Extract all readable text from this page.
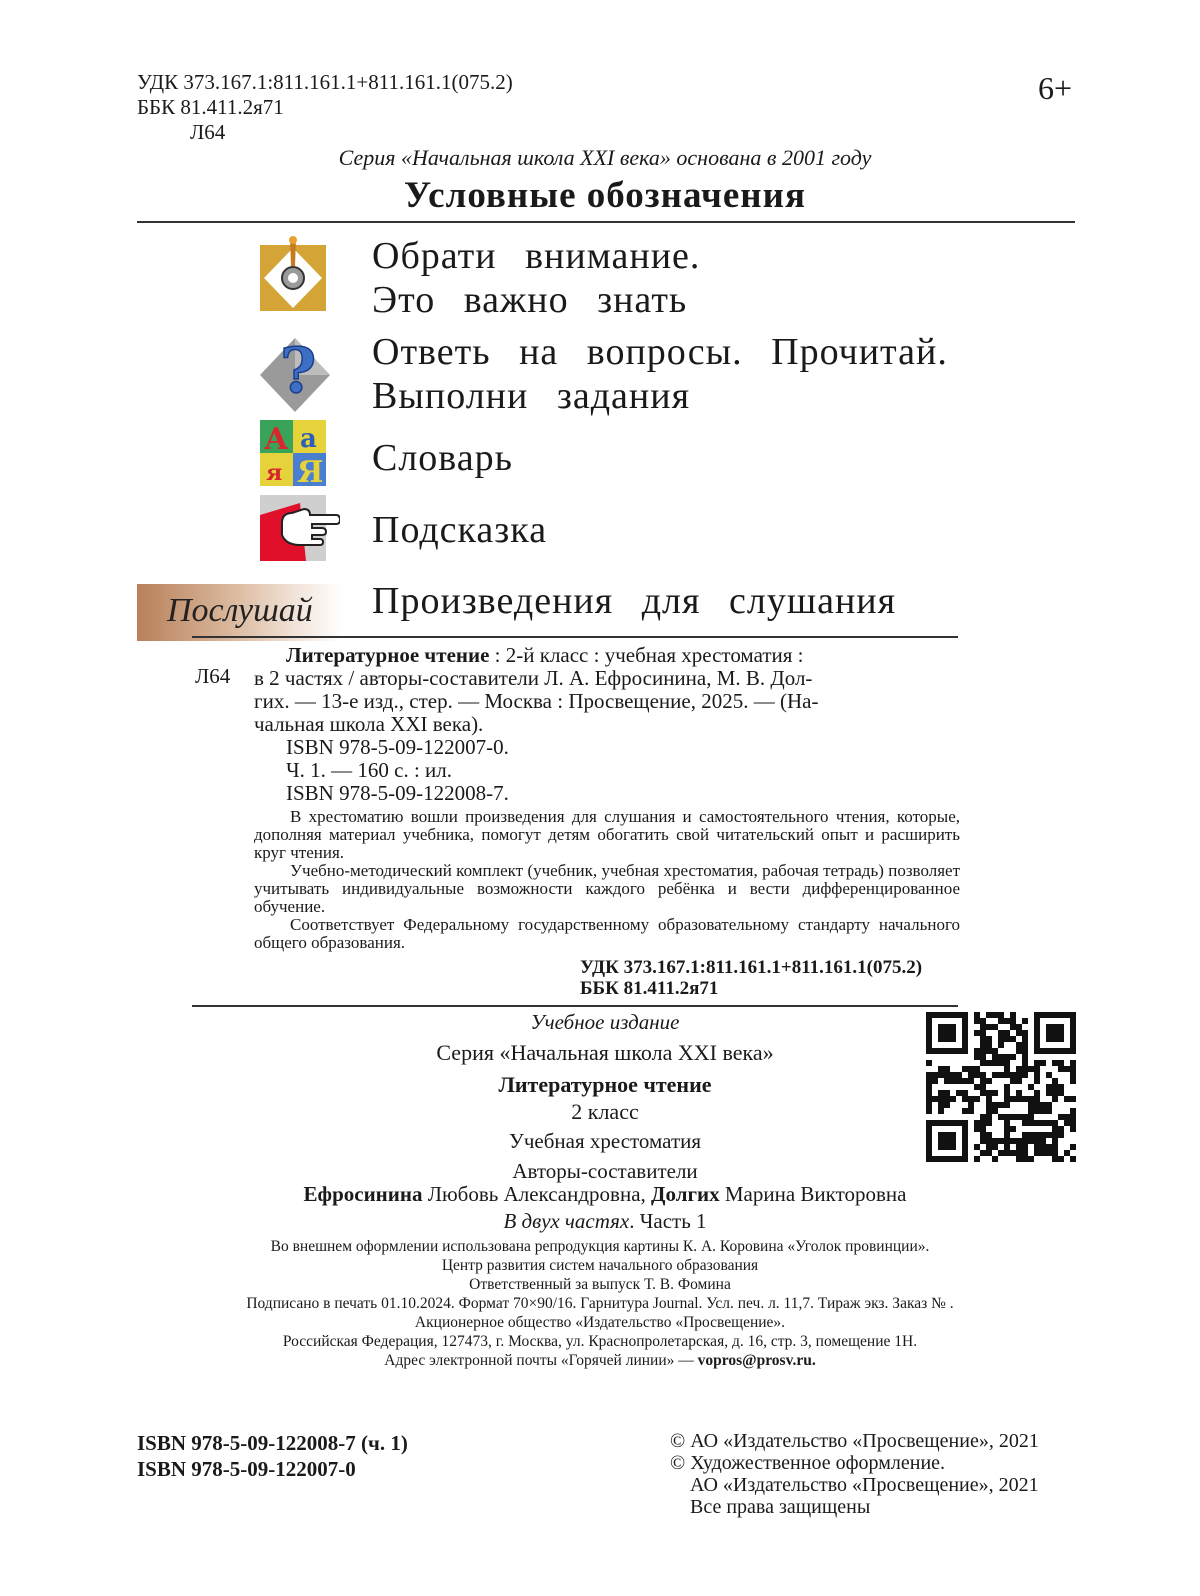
УДК 373.167.1:811.161.1+811.161.1(075.2)
ББК 81.411.2я71
Л64
6+
Серия «Начальная школа XXI века» основана в 2001 году
Условные обозначения
?
А а
я Я
Послушай
Обрати внимание.
Это важно знать
Ответь на вопросы. Прочитай.
Выполни задания
Словарь
Подсказка
Произведения для слушания
Л64

Литературное чтение : 2-й класс : учебная хрестоматия :

в 2 частях / авторы-составители Л. А. Ефросинина, М. В. Дол-

гих. — 13-е изд., стер. — Москва : Просвещение, 2025. — (На-

чальная школа XXI века).

ISBN 978-5-09-122007-0.

Ч. 1. — 160 с. : ил.

ISBN 978-5-09-122008-7.

В хрестоматию вошли произведения для слушания и самостоятельного чтения, которые, дополняя материал учебника, помогут детям обогатить свой читательский опыт и расширить круг чтения.

Учебно-методический комплект (учебник, учебная хрестоматия, рабочая тетрадь) позволяет учитывать индивидуальные возможности каждого ребёнка и вести дифференцированное обучение.

Соответствует Федеральному государственному образовательному стандарту начального общего образования.

УДК 373.167.1:811.161.1+811.161.1(075.2)
ББК 81.411.2я71
Учебное издание
Серия «Начальная школа XXI века»
Литературное чтение
2 класс
Учебная хрестоматия
Авторы-составители
Ефросинина Любовь Александровна, Долгих Марина Викторовна
В двух частях. Часть 1
Во внешнем оформлении использована репродукция картины К. А. Коровина «Уголок провинции».
Центр развития систем начального образования
Ответственный за выпуск Т. В. Фомина
Подписано в печать 01.10.2024. Формат 70×90/16. Гарнитура Journal. Усл. печ. л. 11,7. Тираж экз. Заказ № .
Акционерное общество «Издательство «Просвещение».
Российская Федерация, 127473, г. Москва, ул. Краснопролетарская, д. 16, стр. 3, помещение 1Н.
Адрес электронной почты «Горячей линии» — vopros@prosv.ru.
ISBN 978-5-09-122008-7 (ч. 1)
ISBN 978-5-09-122007-0
© АО «Издательство «Просвещение», 2021
© Художественное оформление.
АО «Издательство «Просвещение», 2021
Все права защищены
